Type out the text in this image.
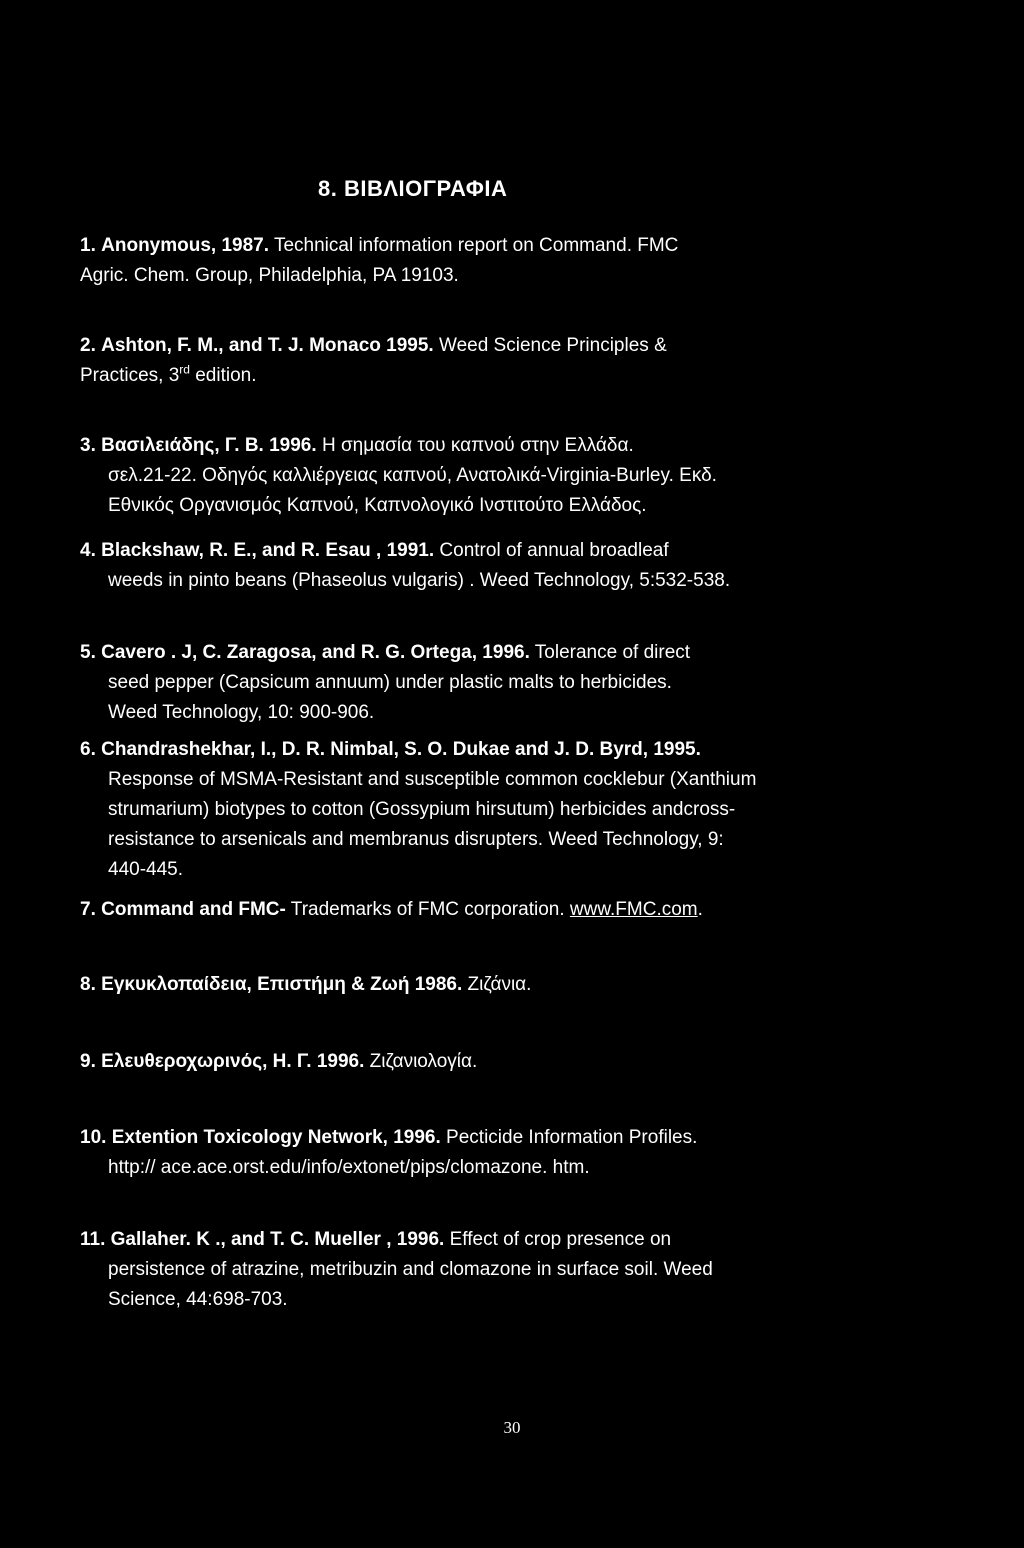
8. ΒΙΒΛΙΟΓΡΑΦΙΑ
1. Anonymous, 1987. Technical information report on Command. FMC
Agric. Chem. Group, Philadelphia, PA 19103.
2. Ashton, F. M., and T. J. Monaco 1995. Weed Science Principles &
Practices, 3rd edition.
3. Βασιλειάδης, Γ. Β. 1996. Η σημασία του καπνού στην Ελλάδα.
σελ.21-22. Οδηγός καλλιέργειας καπνού, Ανατολικά-Virginia-Burley. Εκδ.
Εθνικός Οργανισμός Καπνού, Καπνολογικό Ινστιτούτο Ελλάδος.
4. Blackshaw, R. E., and R. Esau , 1991. Control of annual broadleaf
weeds in pinto beans (Phaseolus vulgaris) . Weed Technology, 5:532-538.
5. Cavero . J, C. Zaragosa, and R. G. Ortega, 1996. Tolerance of direct
seed pepper (Capsicum annuum) under plastic malts to herbicides.
Weed Technology, 10: 900-906.
6. Chandrashekhar, I., D. R. Nimbal, S. O. Dukae and J. D. Byrd, 1995.
Response of MSMA-Resistant and susceptible common cocklebur (Xanthium
strumarium) biotypes to cotton (Gossypium hirsutum) herbicides andcross-
resistance to arsenicals and membranus disrupters. Weed Technology, 9:
440-445.
7. Command and FMC- Trademarks of FMC corporation. www.FMC.com.
8. Εγκυκλοπαίδεια, Επιστήμη & Ζωή 1986. Ζιζάνια.
9. Ελευθεροχωρινός, Η. Γ. 1996. Ζιζανιολογία.
10. Extention Toxicology Network, 1996. Pecticide Information Profiles.
http:// ace.ace.orst.edu/info/extonet/pips/clomazone. htm.
11. Gallaher. K ., and T. C. Mueller , 1996. Effect of crop presence on
persistence of atrazine, metribuzin and clomazone in surface soil. Weed
Science, 44:698-703.
30
